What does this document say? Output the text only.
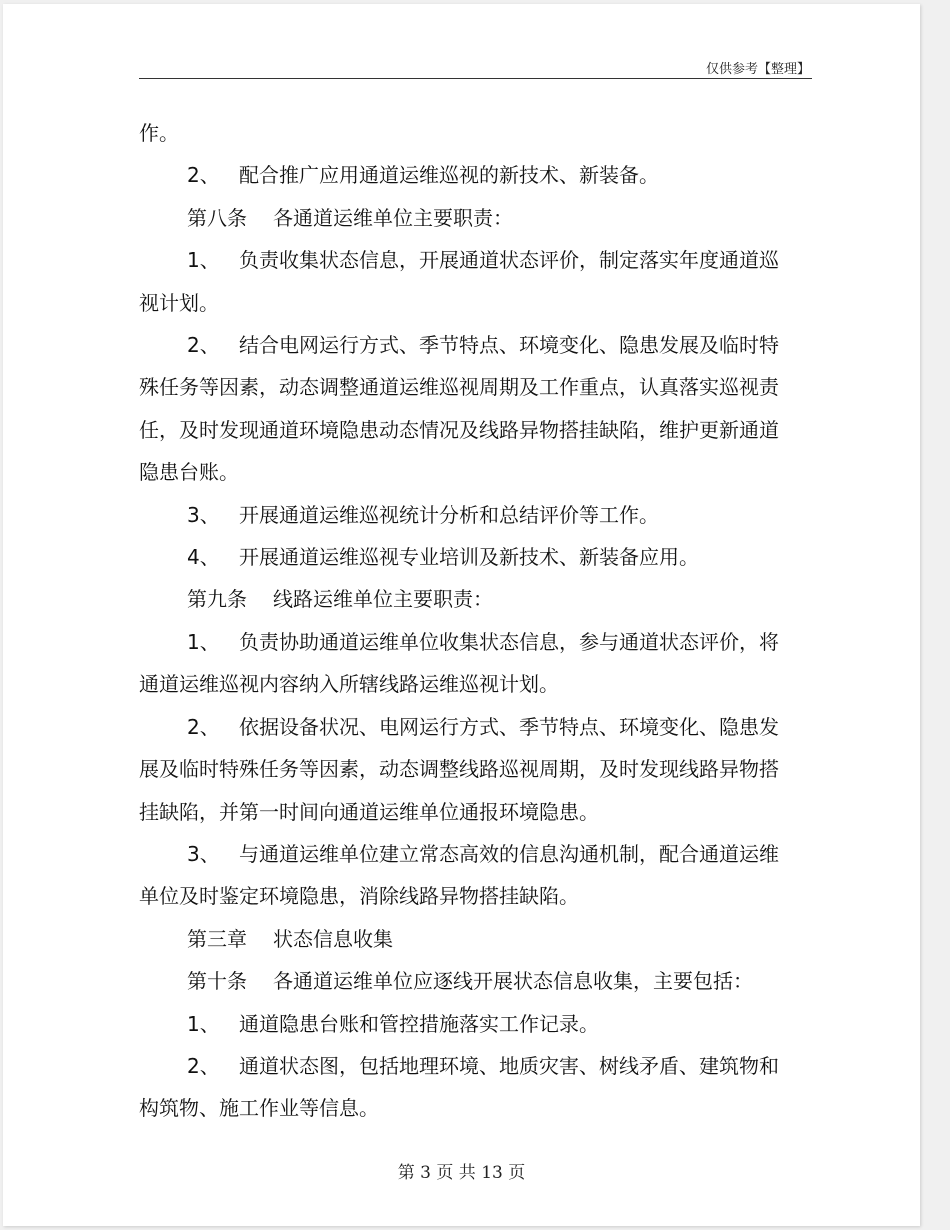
仅供参考【整理】

作。

2、 配合推广应用通道运维巡视的新技术、新装备。

第八条 各通道运维单位主要职责：

1、 负责收集状态信息，开展通道状态评价，制定落实年度通道巡视计划。

2、 结合电网运行方式、季节特点、环境变化、隐患发展及临时特殊任务等因素，动态调整通道运维巡视周期及工作重点，认真落实巡视责任，及时发现通道环境隐患动态情况及线路异物搭挂缺陷，维护更新通道隐患台账。

3、 开展通道运维巡视统计分析和总结评价等工作。

4、 开展通道运维巡视专业培训及新技术、新装备应用。

第九条 线路运维单位主要职责：

1、 负责协助通道运维单位收集状态信息，参与通道状态评价，将通道运维巡视内容纳入所辖线路运维巡视计划。

2、 依据设备状况、电网运行方式、季节特点、环境变化、隐患发展及临时特殊任务等因素，动态调整线路巡视周期，及时发现线路异物搭挂缺陷，并第一时间向通道运维单位通报环境隐患。

3、 与通道运维单位建立常态高效的信息沟通机制，配合通道运维单位及时鉴定环境隐患，消除线路异物搭挂缺陷。

第三章 状态信息收集

第十条 各通道运维单位应逐线开展状态信息收集，主要包括：

1、 通道隐患台账和管控措施落实工作记录。

2、 通道状态图，包括地理环境、地质灾害、树线矛盾、建筑物和构筑物、施工作业等信息。

第 3 页 共 13 页
